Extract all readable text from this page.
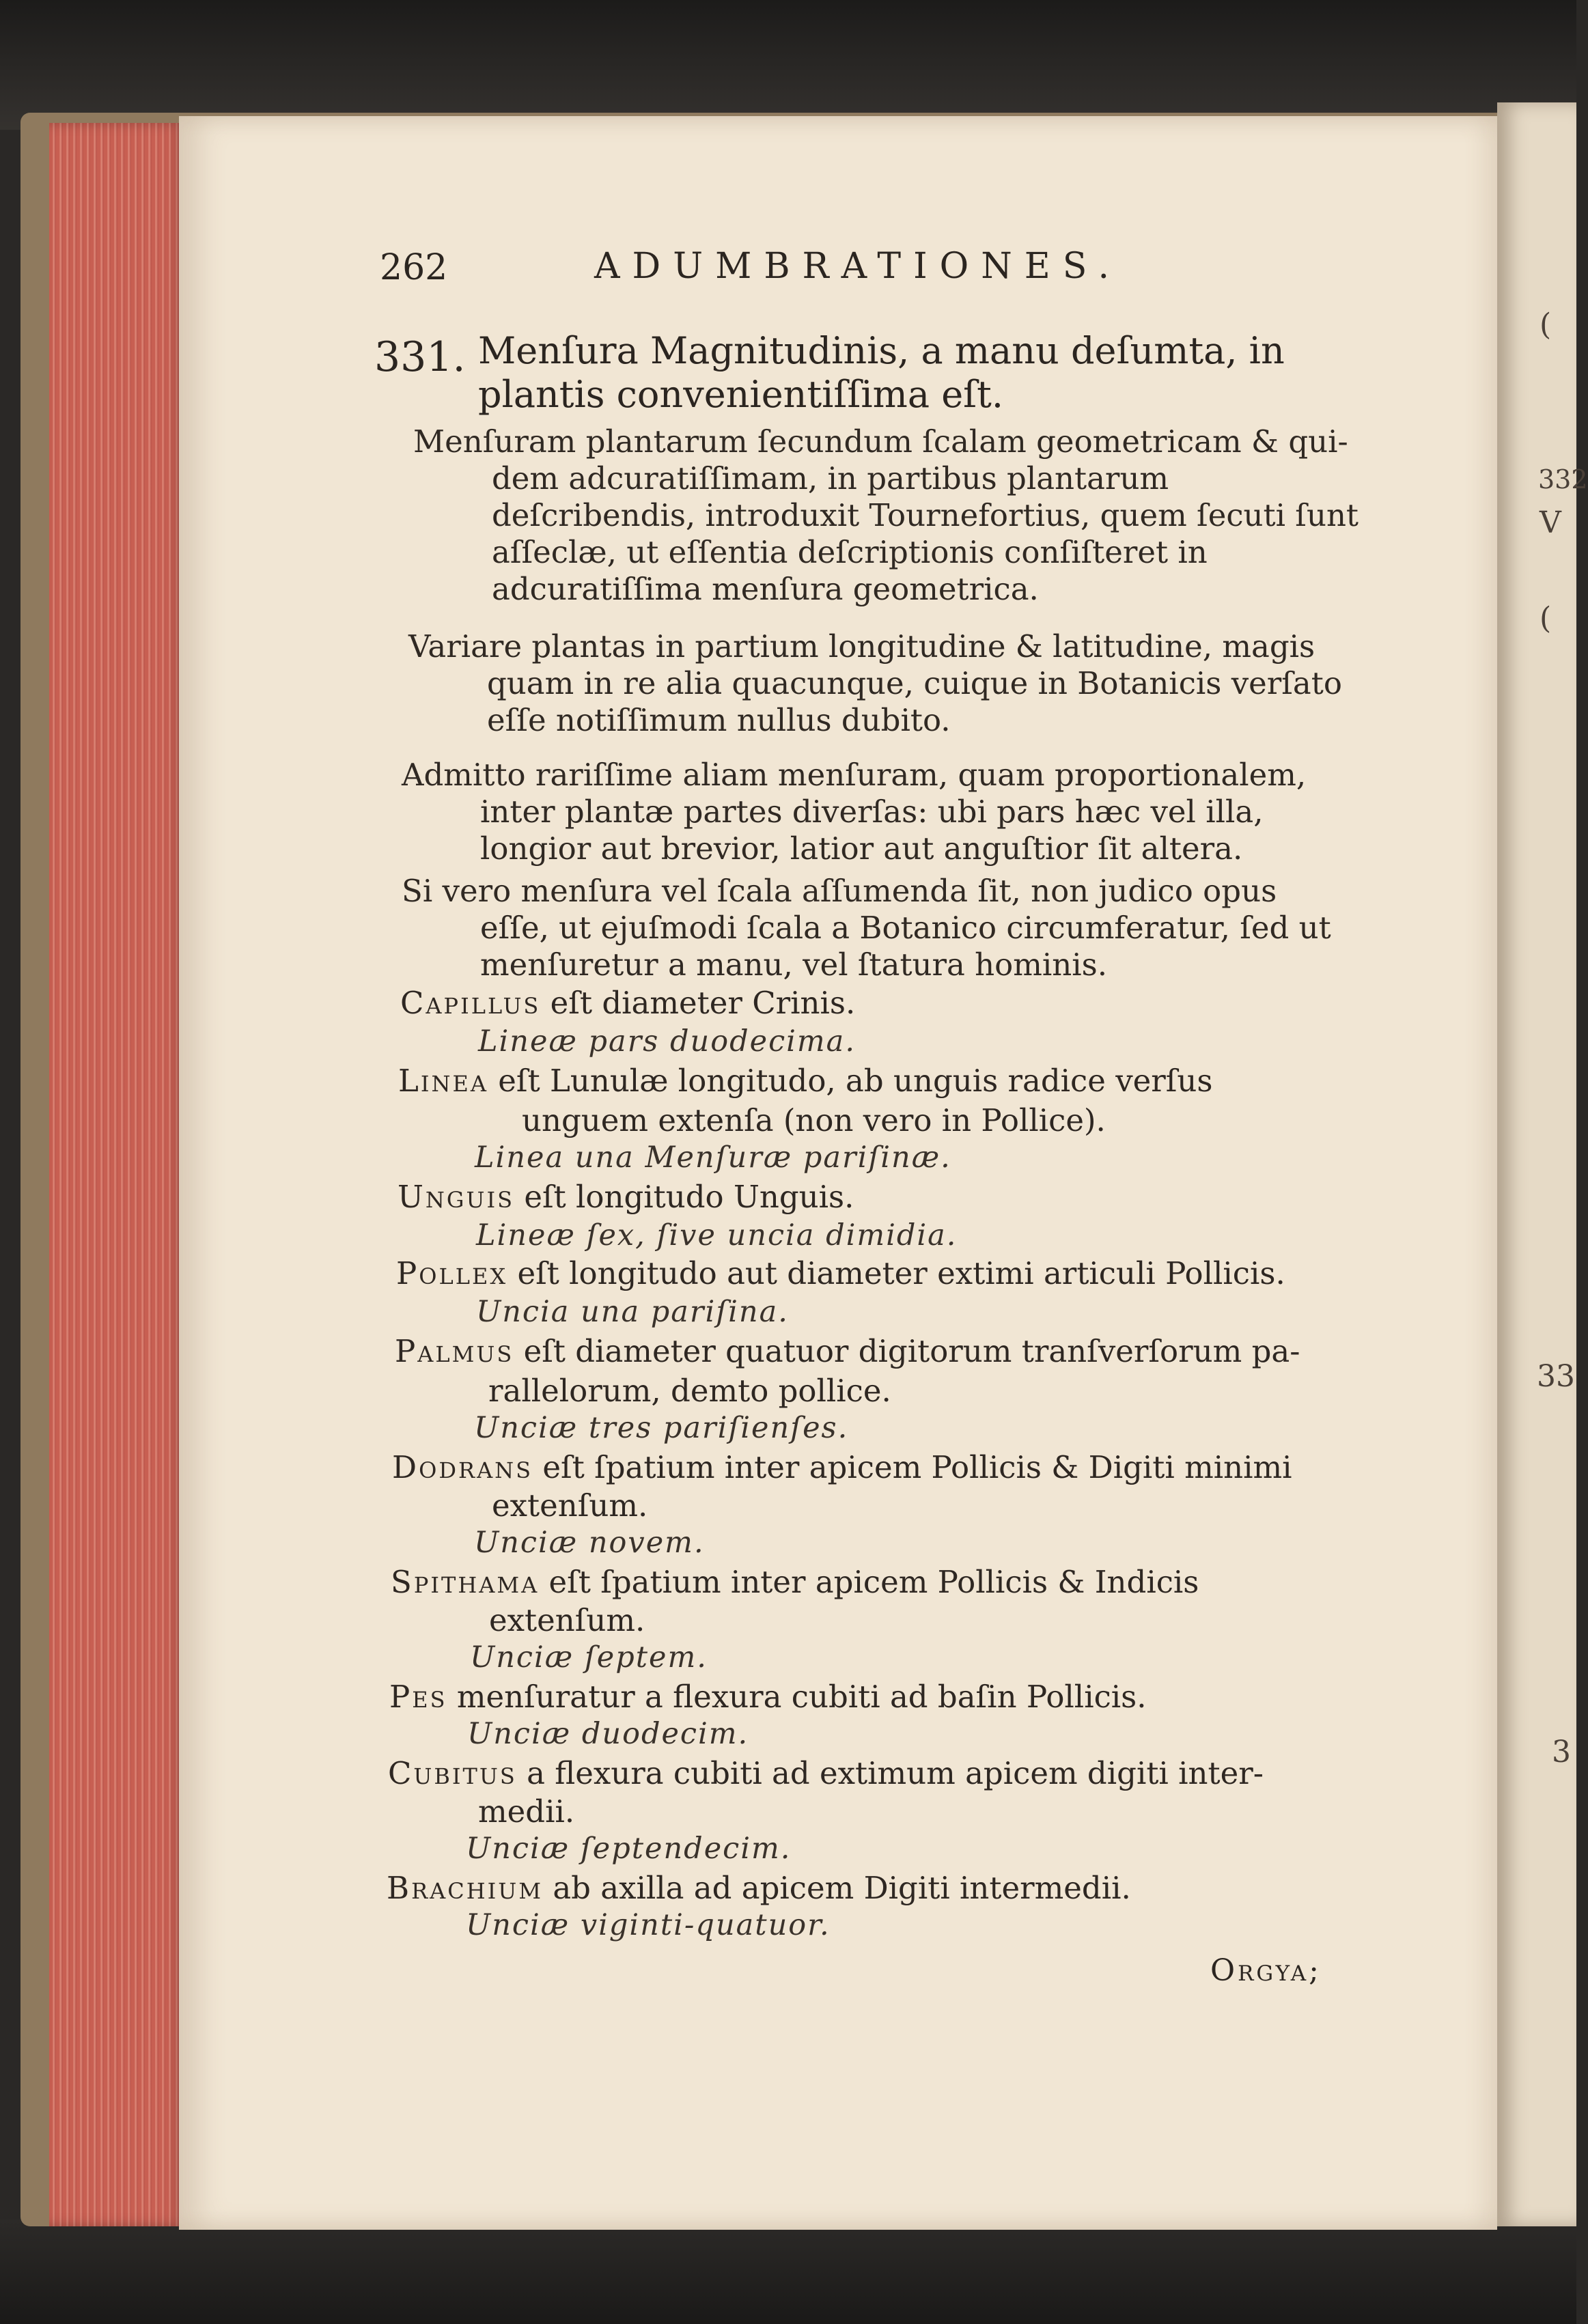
(
332
V
(
33
3
262	ADUMBRATIONES.
331. Menſura Magnitudinis, a manu deſumta, in plantis convenientiſſima eſt.
Menſuram plantarum ſecundum ſcalam geometricam & qui-
dem adcuratiſſimam, in partibus plantarum deſcribendis, introduxit Tournefortius, quem ſecuti ſunt aſſeclæ, ut eſſentia deſcriptionis conſiſteret in adcuratiſſima menſura geometrica.
Variare plantas in partium longitudine & latitudine, magis
quam in re alia quacunque, cuique in Botanicis verſato eſſe notiſſimum nullus dubito.
Admitto rariſſime aliam menſuram, quam proportionalem,
inter plantæ partes diverſas: ubi pars hæc vel illa, longior aut brevior, latior aut anguſtior ſit altera.
Si vero menſura vel ſcala aſſumenda ſit, non judico opus
eſſe, ut ejuſmodi ſcala a Botanico circumferatur, ſed ut menſuretur a manu, vel ſtatura hominis.
Capillus eſt diameter Crinis.
Lineæ pars duodecima.
Linea eſt Lunulæ longitudo, ab unguis radice verſus
unguem extenſa (non vero in Pollice).
Linea una Menſuræ pariſinæ.
Unguis eſt longitudo Unguis.
Lineæ ſex, ſive uncia dimidia.
Pollex eſt longitudo aut diameter extimi articuli Pollicis.
Uncia una pariſina.
Palmus eſt diameter quatuor digitorum tranſverſorum pa-
rallelorum, demto pollice.
Unciæ tres pariſienſes.
Dodrans eſt ſpatium inter apicem Pollicis & Digiti minimi
extenſum.
Unciæ novem.
Spithama eſt ſpatium inter apicem Pollicis & Indicis
extenſum.
Unciæ ſeptem.
Pes menſuratur a flexura cubiti ad baſin Pollicis.
Unciæ duodecim.
Cubitus a flexura cubiti ad extimum apicem digiti inter-
medii.
Unciæ ſeptendecim.
Brachium ab axilla ad apicem Digiti intermedii.
Unciæ viginti-quatuor.
Orgya;
